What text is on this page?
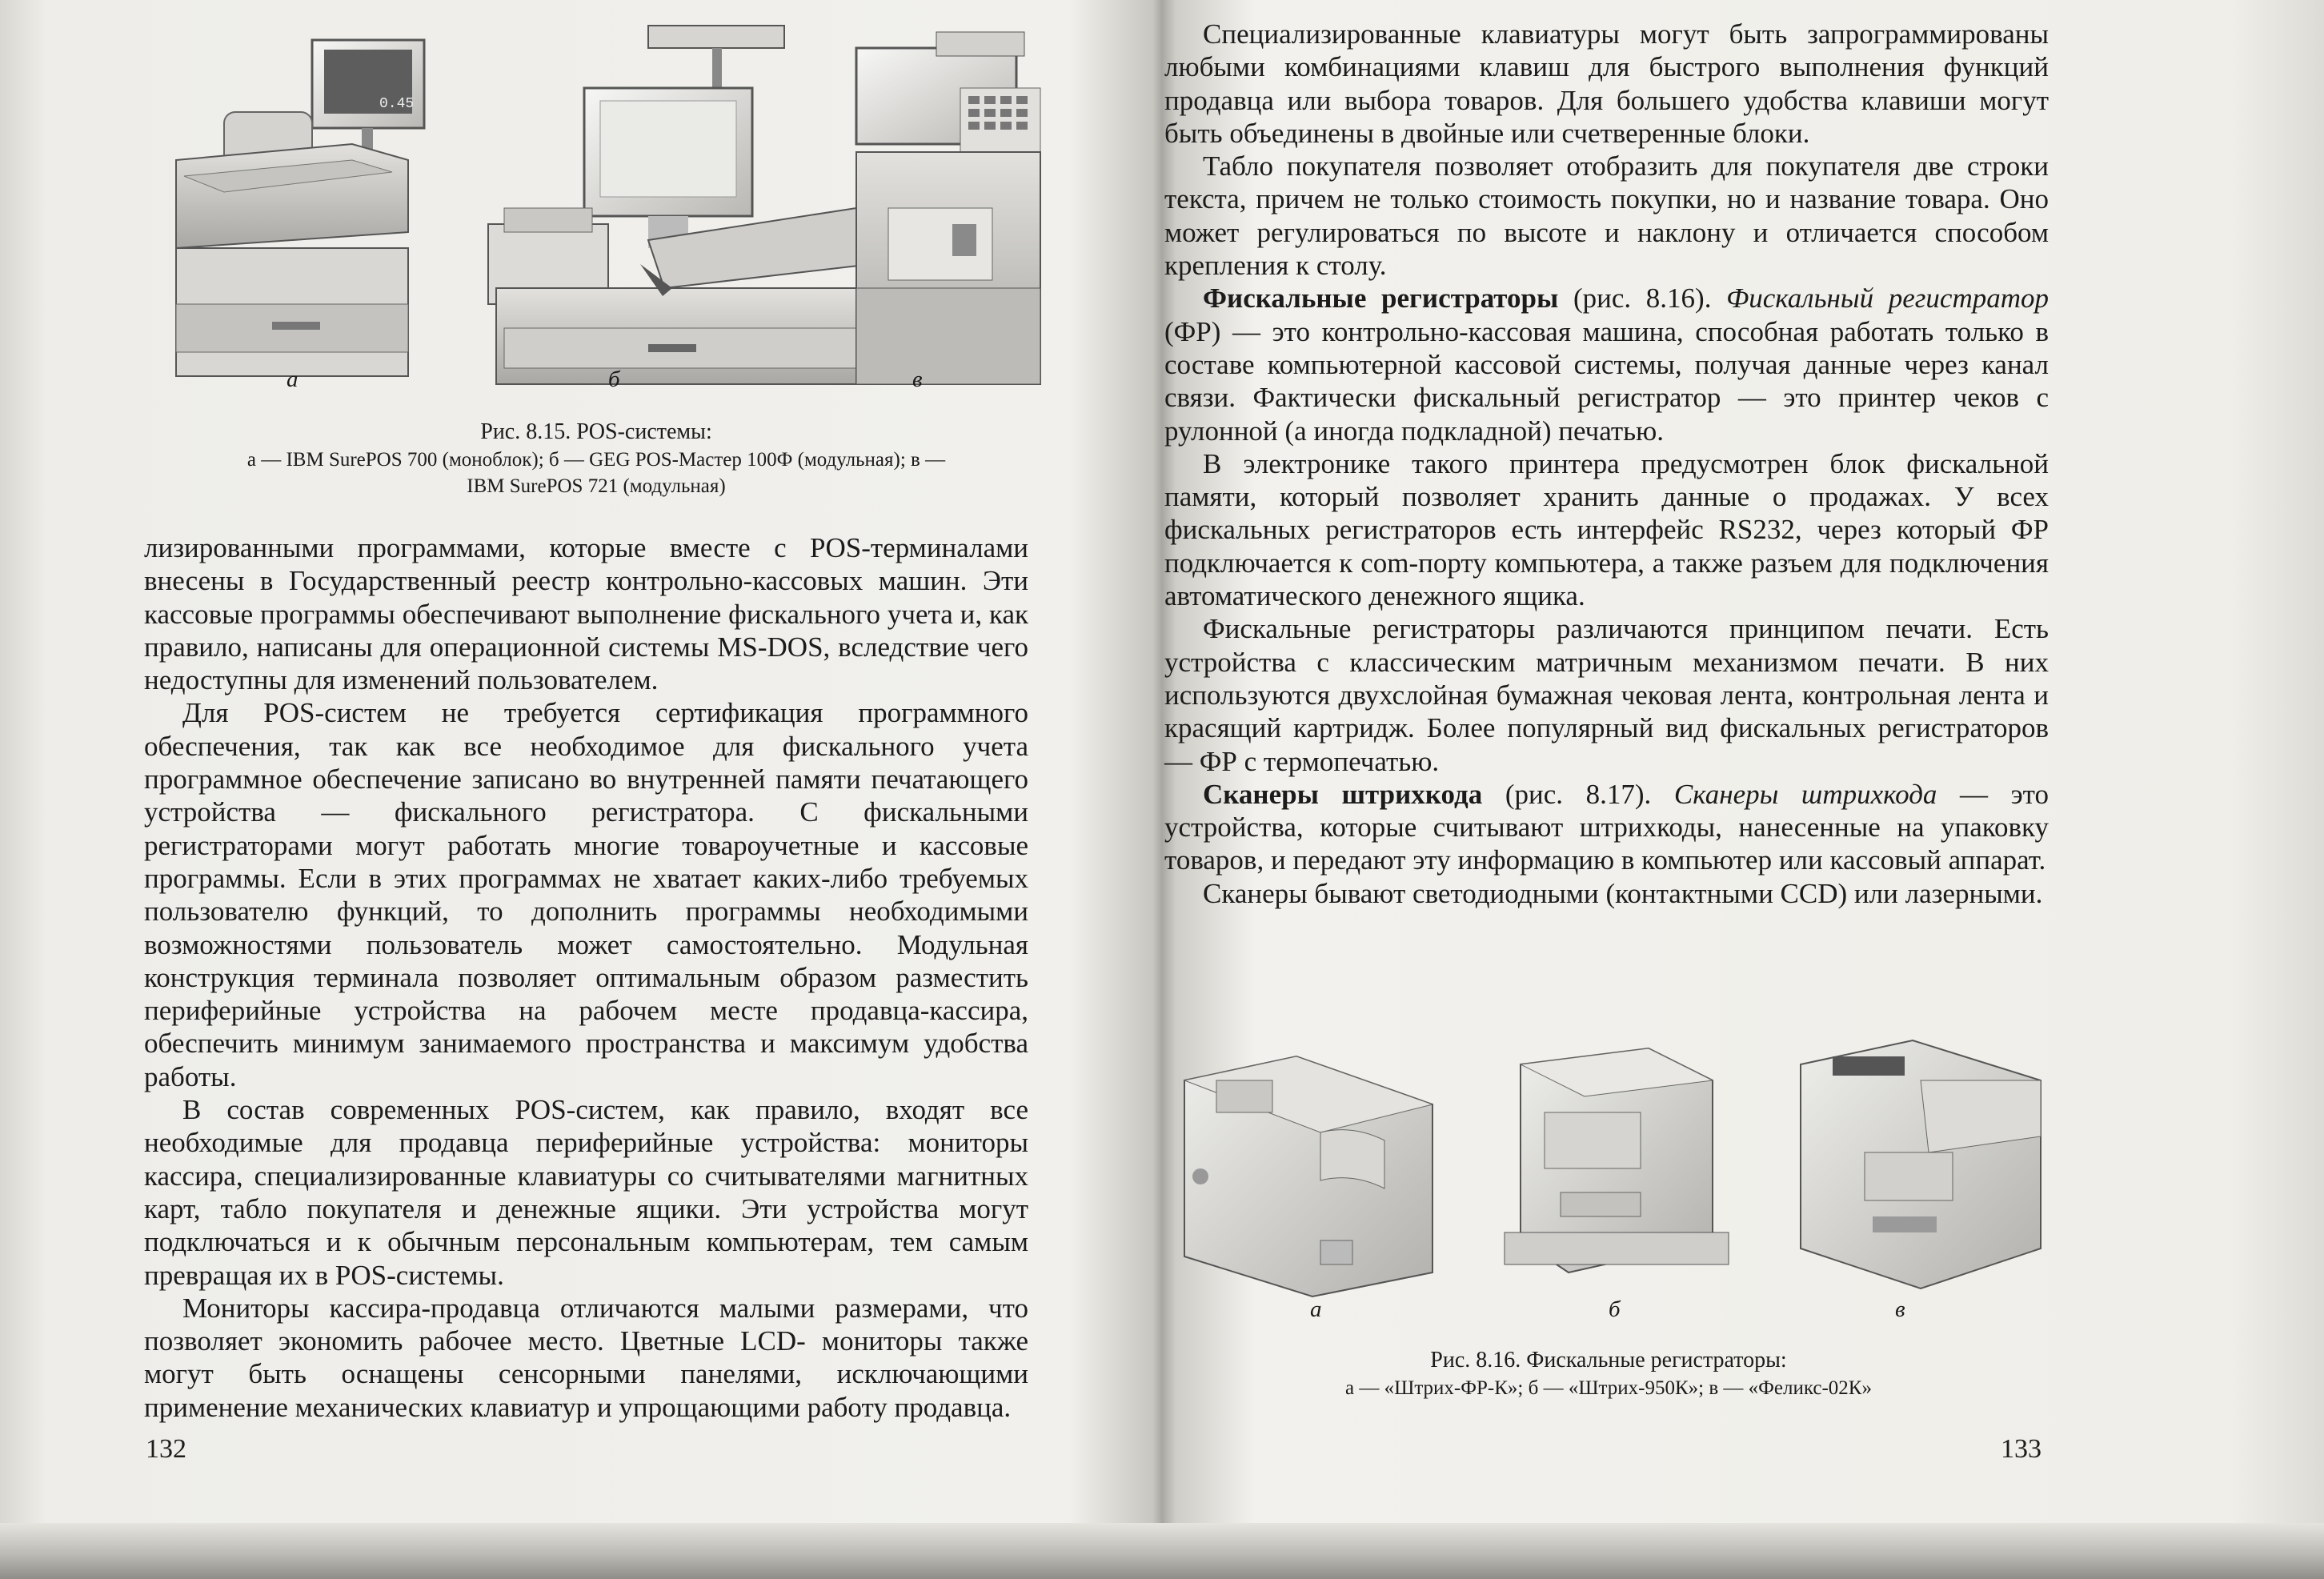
0.45
а	б	в

Рис. 8.15. POS-системы:

а — IBM SurePOS 700 (моноблок); б — GEG POS-Мастер 100Ф (модульная); в —

IBM SurePOS 721 (модульная)

лизированными программами, которые вместе с POS-терминалами внесены в Государственный реестр контрольно-кассовых машин. Эти кассовые программы обеспечивают выполнение фискального учета и, как правило, написаны для операционной системы MS-DOS, вследствие чего недоступны для изменений пользователем.

Для POS-систем не требуется сертификация программного обеспечения, так как все необходимое для фискального учета программное обеспечение записано во внутренней памяти печатающего устройства — фискального регистратора. С фискальными регистраторами могут работать многие товароучетные и кассовые программы. Если в этих программах не хватает каких-либо требуемых пользователю функций, то дополнить программы необходимыми возможностями пользователь может самостоятельно. Модульная конструкция терминала позволяет оптимальным образом разместить периферийные устройства на рабочем месте продавца-кассира, обеспечить минимум занимаемого пространства и максимум удобства работы.

В состав современных POS-систем, как правило, входят все необходимые для продавца периферийные устройства: мониторы кассира, специализированные клавиатуры со считывателями магнитных карт, табло покупателя и денежные ящики. Эти устройства могут подключаться и к обычным персональным компьютерам, тем самым превращая их в POS-системы.

Мониторы кассира-продавца отличаются малыми размерами, что позволяет экономить рабочее место. Цветные LCD- мониторы также могут быть оснащены сенсорными панелями, исключающими применение механических клавиатур и упрощающими работу продавца.

132

Специализированные клавиатуры могут быть запрограммированы любыми комбинациями клавиш для быстрого выполнения функций продавца или выбора товаров. Для большего удобства клавиши могут быть объединены в двойные или счетверенные блоки.

Табло покупателя позволяет отобразить для покупателя две строки текста, причем не только стоимость покупки, но и название товара. Оно может регулироваться по высоте и наклону и отличается способом крепления к столу.

Фискальные регистраторы (рис. 8.16). Фискальный регистратор (ФР) — это контрольно-кассовая машина, способная работать только в составе компьютерной кассовой системы, получая данные через канал связи. Фактически фискальный регистратор — это принтер чеков с рулонной (а иногда подкладной) печатью.

В электронике такого принтера предусмотрен блок фискальной памяти, который позволяет хранить данные о продажах. У всех фискальных регистраторов есть интерфейс RS232, через который ФР подключается к com-порту компьютера, а также разъем для подключения автоматического денежного ящика.

Фискальные регистраторы различаются принципом печати. Есть устройства с классическим матричным механизмом печати. В них используются двухслойная бумажная чековая лента, контрольная лента и красящий картридж. Более популярный вид фискальных регистраторов — ФР с термопечатью.

Сканеры штрихкода (рис. 8.17). Сканеры штрихкода — это устройства, которые считывают штрихкоды, нанесенные на упаковку товаров, и передают эту информацию в компьютер или кассовый аппарат.

Сканеры бывают светодиодными (контактными CCD) или лазерными.

а	б	в

Рис. 8.16. Фискальные регистраторы:

а — «Штрих-ФР-К»; б — «Штрих-950К»; в — «Феликс-02К»

133
